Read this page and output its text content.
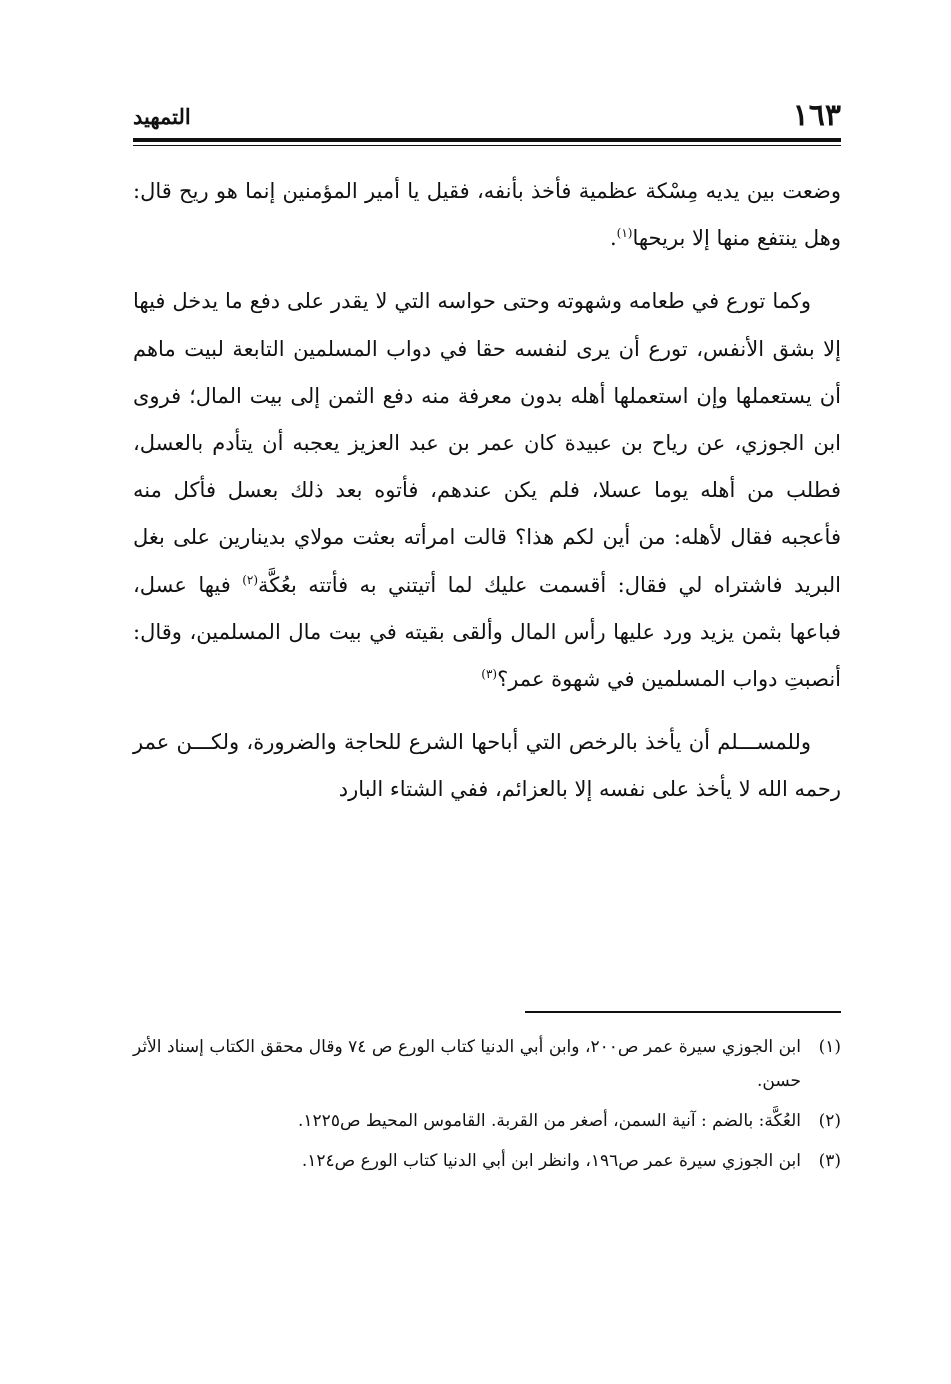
١٦٣
التمهيد

وضعت بين يديه مِسْكة عظمية فأخذ بأنفه، فقيل يا أمير المؤمنين إنما هو ريح قال: وهل ينتفع منها إلا بريحها$^{(١)}$.

وكما تورع في طعامه وشهوته وحتى حواسه التي لا يقدر على دفع ما يدخل فيها إلا بشق الأنفس، تورع أن يرى لنفسه حقا في دواب المسلمين التابعة لبيت ماهم أن يستعملها وإن استعملها أهله بدون معرفة منه دفع الثمن إلى بيت المال؛ فروى ابن الجوزي، عن رياح بن عبيدة كان عمر بن عبد العزيز يعجبه أن يتأدم بالعسل، فطلب من أهله يوما عسلا، فلم يكن عندهم، فأتوه بعد ذلك بعسل فأكل منه فأعجبه فقال لأهله: من أين لكم هذا؟ قالت امرأته بعثت مولاي بدينارين على بغل البريد فاشتراه لي فقال: أقسمت عليك لما أتيتني به فأتته بعُكَّة$^{(٢)}$ فيها عسل، فباعها بثمن يزيد ورد عليها رأس المال وألقى بقيته في بيت مال المسلمين، وقال: أنصبتِ دواب المسلمين في شهوة عمر؟$^{(٣)}$

وللمســـلم أن يأخذ بالرخص التي أباحها الشرع للحاجة والضرورة، ولكـــن عمر رحمه الله لا يأخذ على نفسه إلا بالعزائم، ففي الشتاء البارد

(١)
ابن الجوزي سيرة عمر ص٢٠٠، وابن أبي الدنيا كتاب الورع ص ٧٤ وقال محقق الكتاب إسناد الأثر حسن.
(٢)
العُكَّة: بالضم : آنية السمن، أصغر من القربة. القاموس المحيط ص١٢٢٥.
(٣)
ابن الجوزي سيرة عمر ص١٩٦، وانظر ابن أبي الدنيا كتاب الورع ص١٢٤.
